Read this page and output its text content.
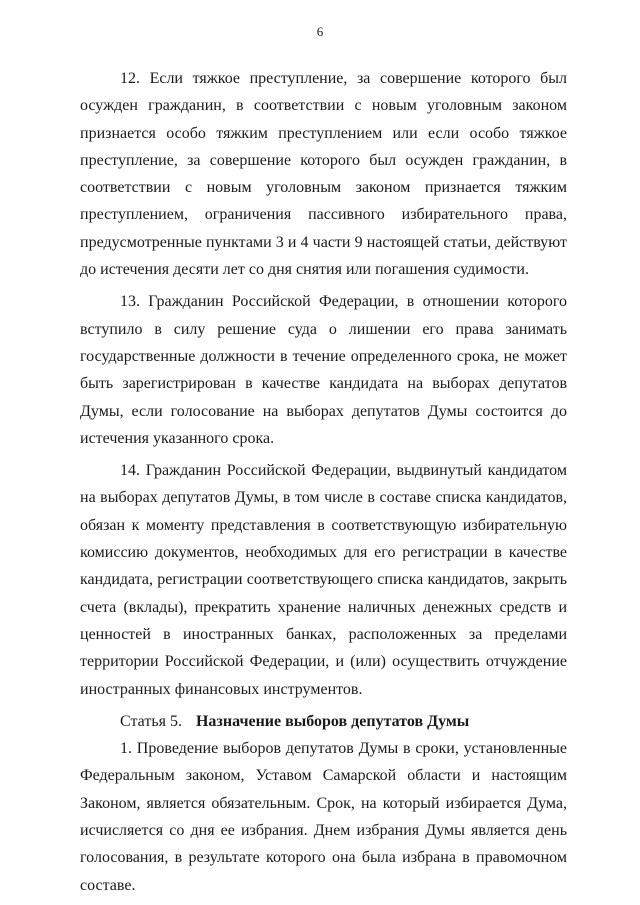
6

12. Если тяжкое преступление, за совершение которого был осужден гражданин, в соответствии с новым уголовным законом признается особо тяжким преступлением или если особо тяжкое преступление, за совершение которого был осужден гражданин, в соответствии с новым уголовным законом признается тяжким преступлением, ограничения пассивного избирательного права, предусмотренные пунктами 3 и 4 части 9 настоящей статьи, действуют до истечения десяти лет со дня снятия или погашения судимости.

13. Гражданин Российской Федерации, в отношении которого вступило в силу решение суда о лишении его права занимать государственные должности в течение определенного срока, не может быть зарегистрирован в качестве кандидата на выборах депутатов Думы, если голосование на выборах депутатов Думы состоится до истечения указанного срока.

14. Гражданин Российской Федерации, выдвинутый кандидатом на выборах депутатов Думы, в том числе в составе списка кандидатов, обязан к моменту представления в соответствующую избирательную комиссию документов, необходимых для его регистрации в качестве кандидата, регистрации соответствующего списка кандидатов, закрыть счета (вклады), прекратить хранение наличных денежных средств и ценностей в иностранных банках, расположенных за пределами территории Российской Федерации, и (или) осуществить отчуждение иностранных финансовых инструментов.

Статья 5. Назначение выборов депутатов Думы

1. Проведение выборов депутатов Думы в сроки, установленные Федеральным законом, Уставом Самарской области и настоящим Законом, является обязательным. Срок, на который избирается Дума, исчисляется со дня ее избрания. Днем избрания Думы является день голосования, в результате которого она была избрана в правомочном составе.
